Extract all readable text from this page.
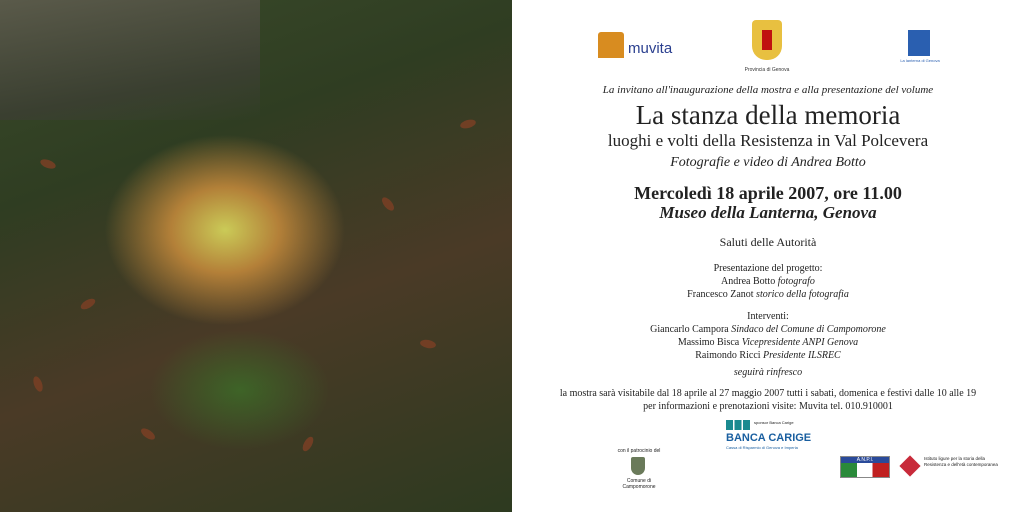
muvita
Provincia di Genova
La lanterna di Genova
La invitano all'inaugurazione della mostra e alla presentazione del volume
La stanza della memoria
luoghi e volti della Resistenza in Val Polcevera
Fotografie e video di Andrea Botto
Mercoledì 18 aprile 2007, ore 11.00
Museo della Lanterna, Genova
Saluti delle Autorità
Presentazione del progetto:
Andrea Botto fotografo
Francesco Zanot storico della fotografia
Interventi:
Giancarlo Campora Sindaco del Comune di Campomorone
Massimo Bisca Vicepresidente ANPI Genova
Raimondo Ricci Presidente ILSREC
seguirà rinfresco
la mostra sarà visitabile dal 18 aprile al 27 maggio 2007 tutti i sabati, domenica e festivi dalle 10 alle 19
per informazioni e prenotazioni visite: Muvita tel. 010.910001
sponsor Banca Carige
BANCA CARIGE
Cassa di Risparmio di Genova e Imperia
con il patrocinio del
Comune di Campomorone
A.N.P.I.	Istituto ligure per la storia della Resistenza e dell'età contemporanea
